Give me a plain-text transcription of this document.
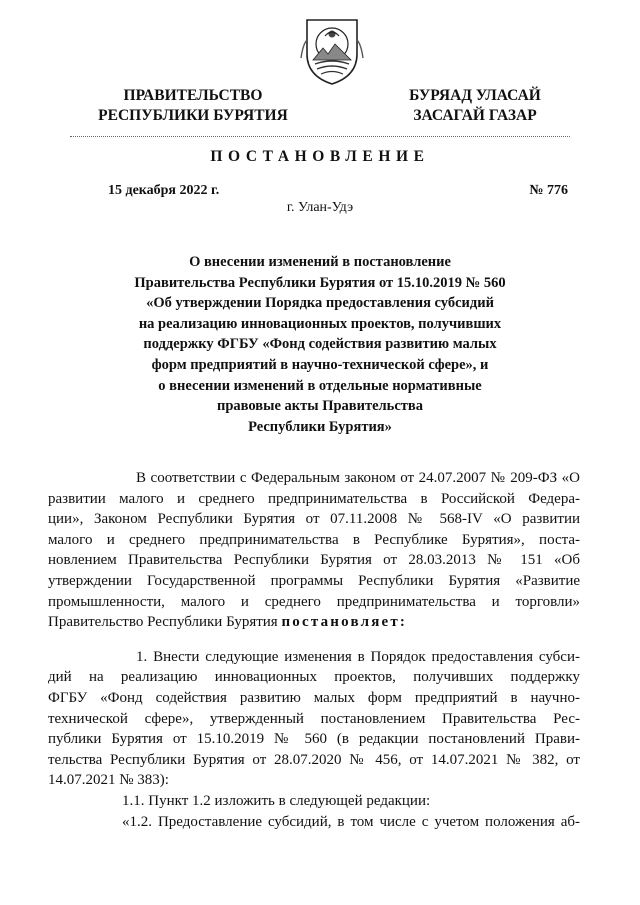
ПРАВИТЕЛЬСТВО
РЕСПУБЛИКИ БУРЯТИЯ
БУРЯАД УЛАСАЙ
ЗАСАГАЙ ГАЗАР
ПОСТАНОВЛЕНИЕ
15 декабря 2022 г.	№ 776
г. Улан-Удэ
О внесении изменений в постановление
Правительства Республики Бурятия от 15.10.2019 № 560
«Об утверждении Порядка предоставления субсидий
на реализацию инновационных проектов, получивших
поддержку ФГБУ «Фонд содействия развитию малых
форм предприятий в научно-технической сфере», и
о внесении изменений в отдельные нормативные
правовые акты Правительства
Республики Бурятия»
В соответствии с Федеральным законом от 24.07.2007 № 209-ФЗ «О
развитии малого и среднего предпринимательства в Российской Федера-
ции», Законом Республики Бурятия от 07.11.2008 № 568-IV «О развитии
малого и среднего предпринимательства в Республике Бурятия», поста-
новлением Правительства Республики Бурятия от 28.03.2013 № 151 «Об
утверждении Государственной программы Республики Бурятия «Развитие
промышленности, малого и среднего предпринимательства и торговли»
Правительство Республики Бурятия постановляет:
1. Внести следующие изменения в Порядок предоставления субси-
дий на реализацию инновационных проектов, получивших поддержку
ФГБУ «Фонд содействия развитию малых форм предприятий в научно-
технической сфере», утвержденный постановлением Правительства Рес-
публики Бурятия от 15.10.2019 № 560 (в редакции постановлений Прави-
тельства Республики Бурятия от 28.07.2020 № 456, от 14.07.2021 № 382, от
14.07.2021 № 383):
1.1. Пункт 1.2 изложить в следующей редакции:
«1.2. Предоставление субсидий, в том числе с учетом положения аб-
